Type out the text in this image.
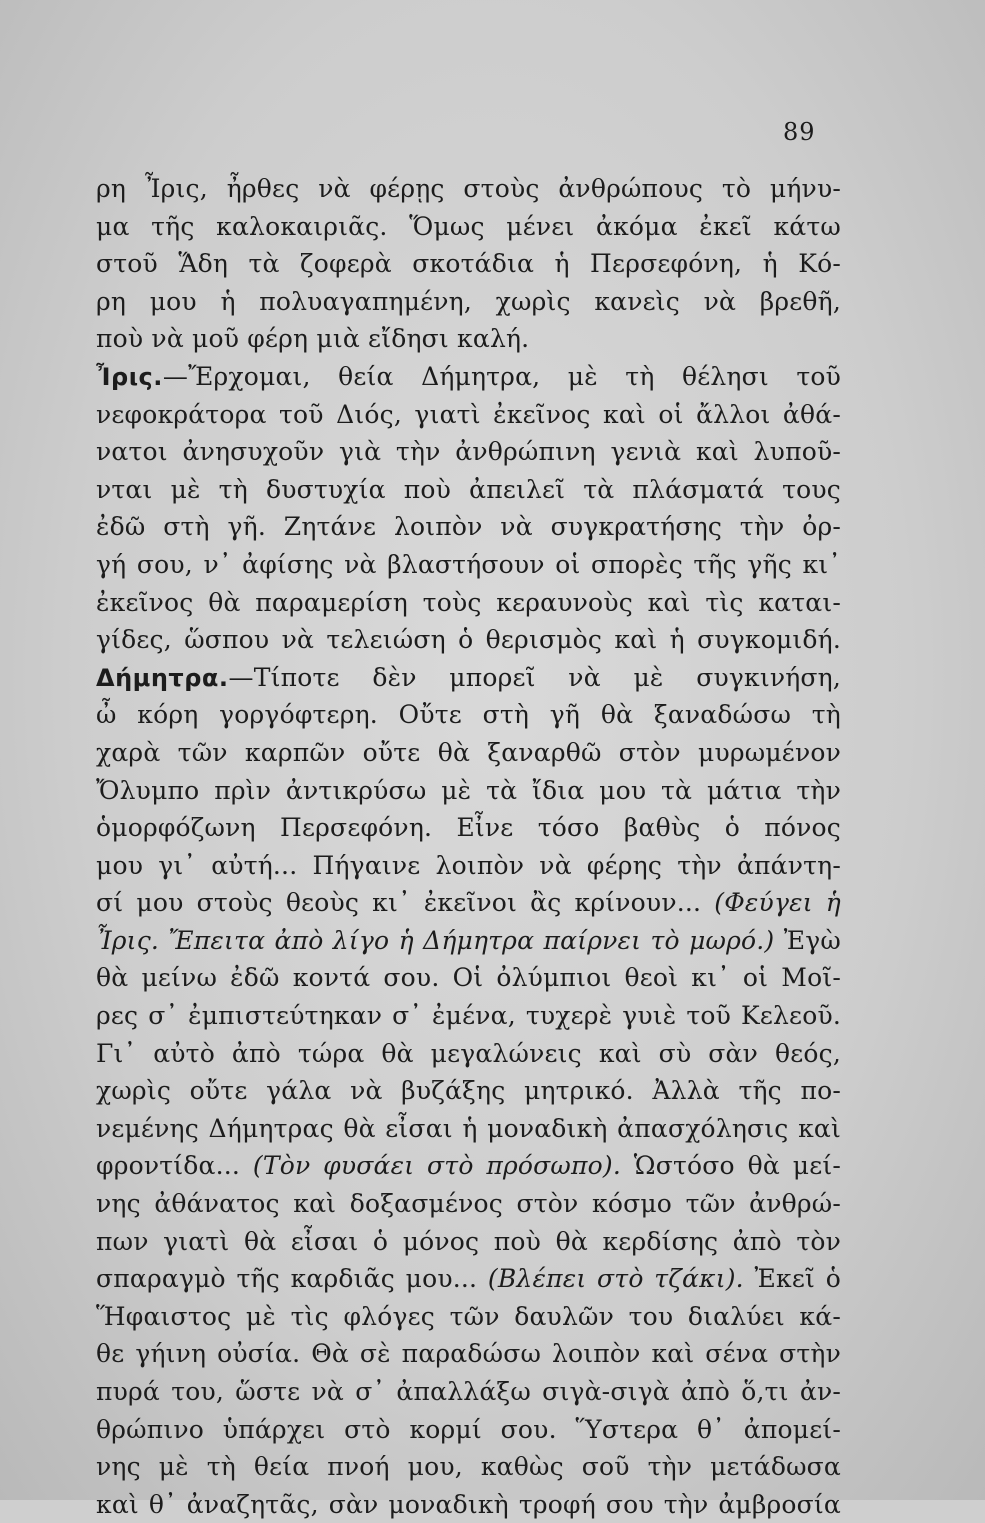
89
ρη Ἶρις, ἦρθες νὰ φέρῃς στοὺς ἀνθρώπους τὸ μήνυ-
μα τῆς καλοκαιριᾶς. Ὅμως μένει ἀκόμα ἐκεῖ κάτω
στοῦ Ἅδη τὰ ζοφερὰ σκοτάδια ἡ Περσεφόνη, ἡ Κό-
ρη μου ἡ πολυαγαπημένη, χωρὶς κανεὶς νὰ βρεθῆ,
ποὺ νὰ μοῦ φέρη μιὰ εἴδησι καλή.
Ἶρις.—Ἔρχομαι, θεία Δήμητρα, μὲ τὴ θέλησι τοῦ
νεφοκράτορα τοῦ Διός, γιατὶ ἐκεῖνος καὶ οἱ ἄλλοι ἀθά-
νατοι ἀνησυχοῦν γιὰ τὴν ἀνθρώπινη γενιὰ καὶ λυποῦ-
νται μὲ τὴ δυστυχία ποὺ ἀπειλεῖ τὰ πλάσματά τους
ἐδῶ στὴ γῆ. Ζητάνε λοιπὸν νὰ συγκρατήσης τὴν ὀρ-
γή σου, ν᾿ ἀφίσης νὰ βλαστήσουν οἱ σπορὲς τῆς γῆς κι᾿
ἐκεῖνος θὰ παραμερίση τοὺς κεραυνοὺς καὶ τὶς καται-
γίδες, ὥσπου νὰ τελειώση ὁ θερισμὸς καὶ ἡ συγκομιδή.
Δήμητρα.—Τίποτε δὲν μπορεῖ νὰ μὲ συγκινήση,
ὦ κόρη γοργόφτερη. Οὔτε στὴ γῆ θὰ ξαναδώσω τὴ
χαρὰ τῶν καρπῶν οὔτε θὰ ξαναρθῶ στὸν μυρωμένον
Ὄλυμπο πρὶν ἀντικρύσω μὲ τὰ ἴδια μου τὰ μάτια τὴν
ὁμορφόζωνη Περσεφόνη. Εἶνε τόσο βαθὺς ὁ πόνος
μου γι᾿ αὐτή... Πήγαινε λοιπὸν νὰ φέρης τὴν ἀπάντη-
σί μου στοὺς θεοὺς κι᾿ ἐκεῖνοι ἂς κρίνουν... (Φεύγει ἡ
Ἶρις. Ἔπειτα ἀπὸ λίγο ἡ Δήμητρα παίρνει τὸ μωρό.) Ἐγὼ
θὰ μείνω ἐδῶ κοντά σου. Οἱ ὀλύμπιοι θεοὶ κι᾿ οἱ Μοῖ-
ρες σ᾿ ἐμπιστεύτηκαν σ᾿ ἐμένα, τυχερὲ γυιὲ τοῦ Κελεοῦ.
Γι᾿ αὐτὸ ἀπὸ τώρα θὰ μεγαλώνεις καὶ σὺ σὰν θεός,
χωρὶς οὔτε γάλα νὰ βυζάξης μητρικό. Ἀλλὰ τῆς πο-
νεμένης Δήμητρας θὰ εἶσαι ἡ μοναδικὴ ἀπασχόλησις καὶ
φροντίδα... (Τὸν φυσάει στὸ πρόσωπο). Ὡστόσο θὰ μεί-
νης ἀθάνατος καὶ δοξασμένος στὸν κόσμο τῶν ἀνθρώ-
πων γιατὶ θὰ εἶσαι ὁ μόνος ποὺ θὰ κερδίσης ἀπὸ τὸν
σπαραγμὸ τῆς καρδιᾶς μου... (Βλέπει στὸ τζάκι). Ἐκεῖ ὁ
Ἥφαιστος μὲ τὶς φλόγες τῶν δαυλῶν του διαλύει κά-
θε γήινη οὐσία. Θὰ σὲ παραδώσω λοιπὸν καὶ σένα στὴν
πυρά του, ὥστε νὰ σ᾿ ἀπαλλάξω σιγὰ-σιγὰ ἀπὸ ὅ,τι ἀν-
θρώπινο ὑπάρχει στὸ κορμί σου. Ὕστερα θ᾿ ἀπομεί-
νης μὲ τὴ θεία πνοή μου, καθὼς σοῦ τὴν μετάδωσα
καὶ θ᾿ ἀναζητᾶς, σὰν μοναδικὴ τροφή σου τὴν ἀμβροσία
